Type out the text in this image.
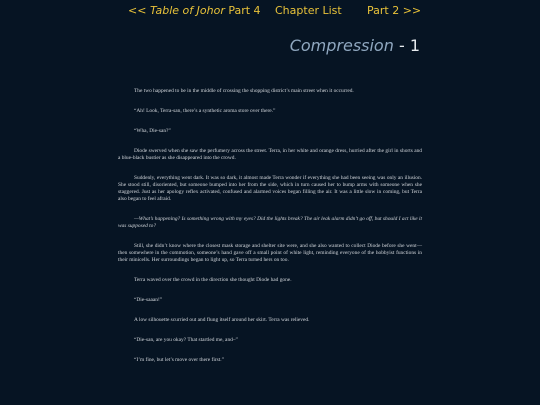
<< Table of Johor Part 4 Chapter List Part 2 >>
Compression - 1

The two happened to be in the middle of crossing the shopping district’s main street when it occurred.

“Ah! Look, Terra-san, there’s a synthetic aroma store over there.”

“Wha, Die-san?”

Diode swerved when she saw the perfumery across the street. Terra, in her white and orange dress, hurried after the girl in shorts and a blue-black bustier as she disappeared into the crowd.

Suddenly, everything went dark. It was so dark, it almost made Terra wonder if everything she had been seeing was only an illusion. She stood still, disoriented, but someone bumped into her from the side, which in turn caused her to bump arms with someone when she staggered. Just as her apology reflex activated, confused and alarmed voices began filling the air. It was a little slow in coming, but Terra also began to feel afraid.

—What’s happening? Is something wrong with my eyes? Did the lights break? The air leak alarm didn’t go off, but should I act like it was supposed to?

Still, she didn’t know where the closest mask storage and shelter site were, and she also wanted to collect Diode before she went—then somewhere in the commotion, someone’s hand gave off a small point of white light, reminding everyone of the hobbyist functions in their minicells. Her surroundings began to light up, so Terra turned hers on too.

Terra waved over the crowd in the direction she thought Diode had gone.

“Die-saaan!”

A low silhouette scurried out and flung itself around her skirt. Terra was relieved.

“Die-san, are you okay? That startled me, and–”

“I’m fine, but let’s move over there first.”
